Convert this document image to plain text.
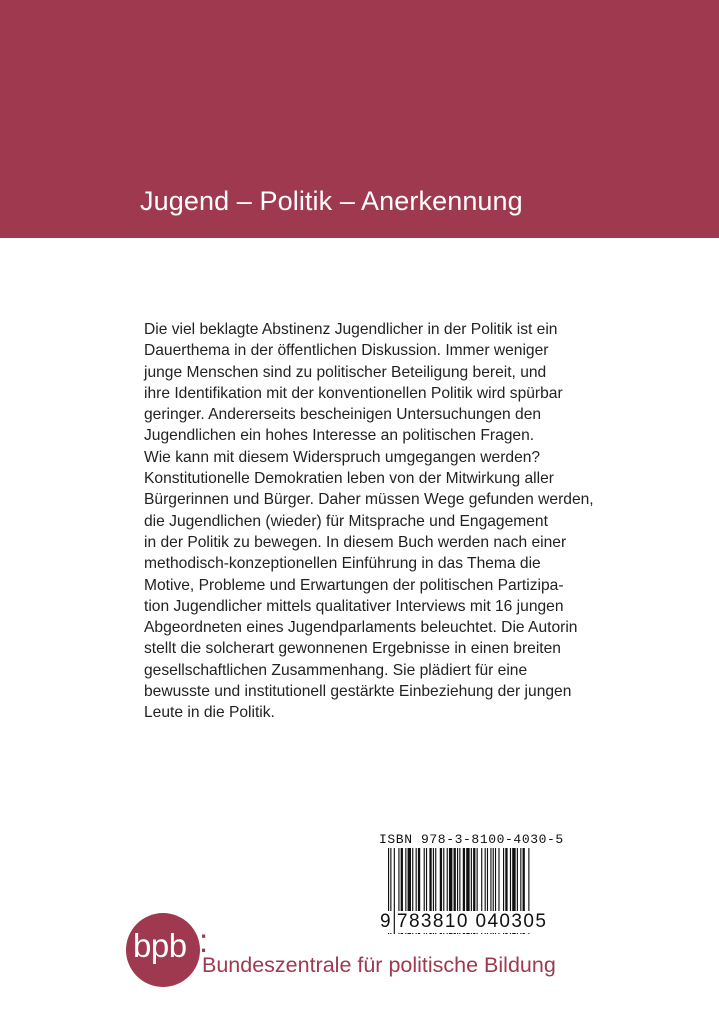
Jugend – Politik – Anerkennung
Die viel beklagte Abstinenz Jugendlicher in der Politik ist ein
Dauerthema in der öffentlichen Diskussion. Immer weniger
junge Menschen sind zu politischer Beteiligung bereit, und
ihre Identifikation mit der konventionellen Politik wird spürbar
geringer. Andererseits bescheinigen Untersuchungen den
Jugendlichen ein hohes Interesse an politischen Fragen.
Wie kann mit diesem Widerspruch umgegangen werden?
Konstitutionelle Demokratien leben von der Mitwirkung aller
Bürgerinnen und Bürger. Daher müssen Wege gefunden werden,
die Jugendlichen (wieder) für Mitsprache und Engagement
in der Politik zu bewegen. In diesem Buch werden nach einer
methodisch-konzeptionellen Einführung in das Thema die
Motive, Probleme und Erwartungen der politischen Partizipa-
tion Jugendlicher mittels qualitativer Interviews mit 16 jungen
Abgeordneten eines Jugendparlaments beleuchtet. Die Autorin
stellt die solcherart gewonnenen Ergebnisse in einen breiten
gesellschaftlichen Zusammenhang. Sie plädiert für eine
bewusste und institutionell gestärkte Einbeziehung der jungen
Leute in die Politik.
ISBN 978-3-8100-4030-5
9 783810 040305
bpb :
Bundeszentrale für politische Bildung
